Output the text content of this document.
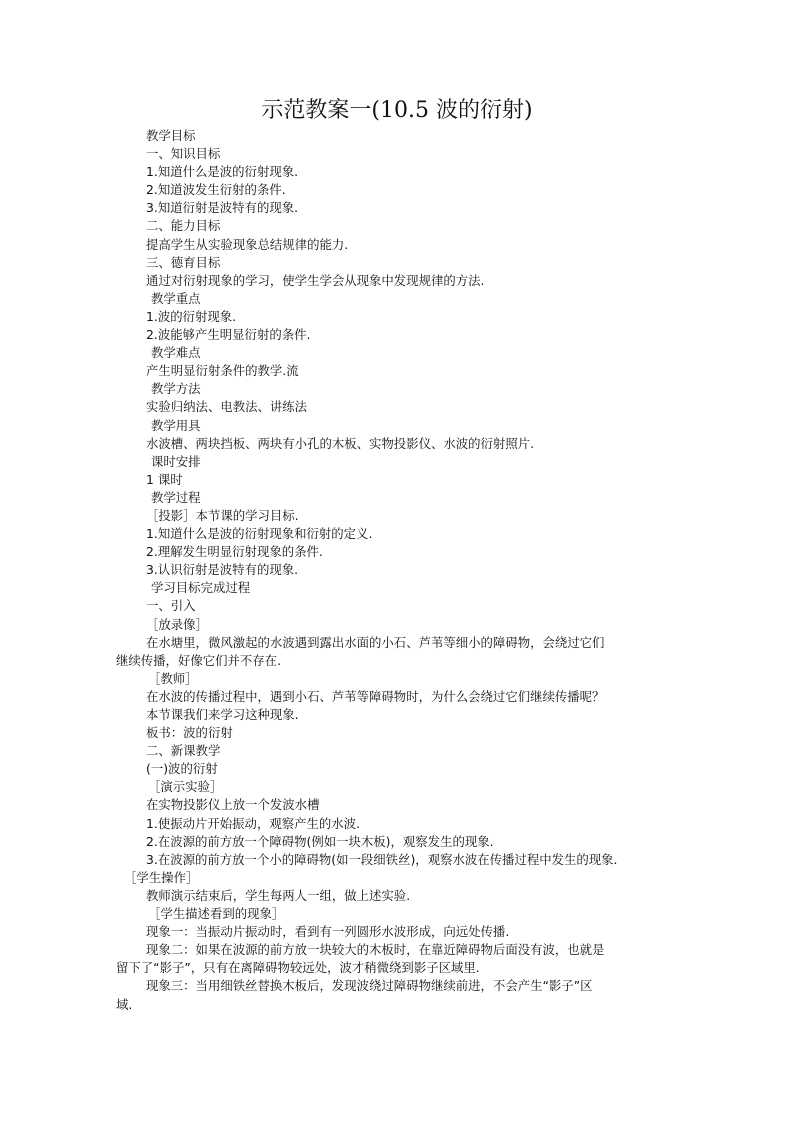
示范教案一(10.5 波的衍射)
教学目标
一、知识目标
1.知道什么是波的衍射现象.
2.知道波发生衍射的条件.
3.知道衍射是波特有的现象.
二、能力目标
提高学生从实验现象总结规律的能力.
三、德育目标
通过对衍射现象的学习，使学生学会从现象中发现规律的方法.
教学重点
1.波的衍射现象.
2.波能够产生明显衍射的条件.
教学难点
产生明显衍射条件的教学.流
教学方法
实验归纳法、电教法、讲练法
教学用具
水波槽、两块挡板、两块有小孔的木板、实物投影仪、水波的衍射照片.
课时安排
1 课时
教学过程
［投影］本节课的学习目标.
1.知道什么是波的衍射现象和衍射的定义.
2.理解发生明显衍射现象的条件.
3.认识衍射是波特有的现象.
学习目标完成过程
一、引入
［放录像］
在水塘里，微风激起的水波遇到露出水面的小石、芦苇等细小的障碍物，会绕过它们
继续传播，好像它们并不存在.
［教师］
在水波的传播过程中，遇到小石、芦苇等障碍物时，为什么会绕过它们继续传播呢？
本节课我们来学习这种现象.
板书：波的衍射
二、新课教学
(一)波的衍射
［演示实验］
在实物投影仪上放一个发波水槽
1.使振动片开始振动，观察产生的水波.
2.在波源的前方放一个障碍物(例如一块木板)，观察发生的现象.
3.在波源的前方放一个小的障碍物(如一段细铁丝)，观察水波在传播过程中发生的现象.
［学生操作］
教师演示结束后，学生每两人一组，做上述实验.
［学生描述看到的现象］
现象一：当振动片振动时，看到有一列圆形水波形成，向远处传播.
现象二：如果在波源的前方放一块较大的木板时，在靠近障碍物后面没有波，也就是
留下了“影子”，只有在离障碍物较远处，波才稍微绕到影子区域里.
现象三：当用细铁丝替换木板后，发现波绕过障碍物继续前进，不会产生“影子”区
域.
